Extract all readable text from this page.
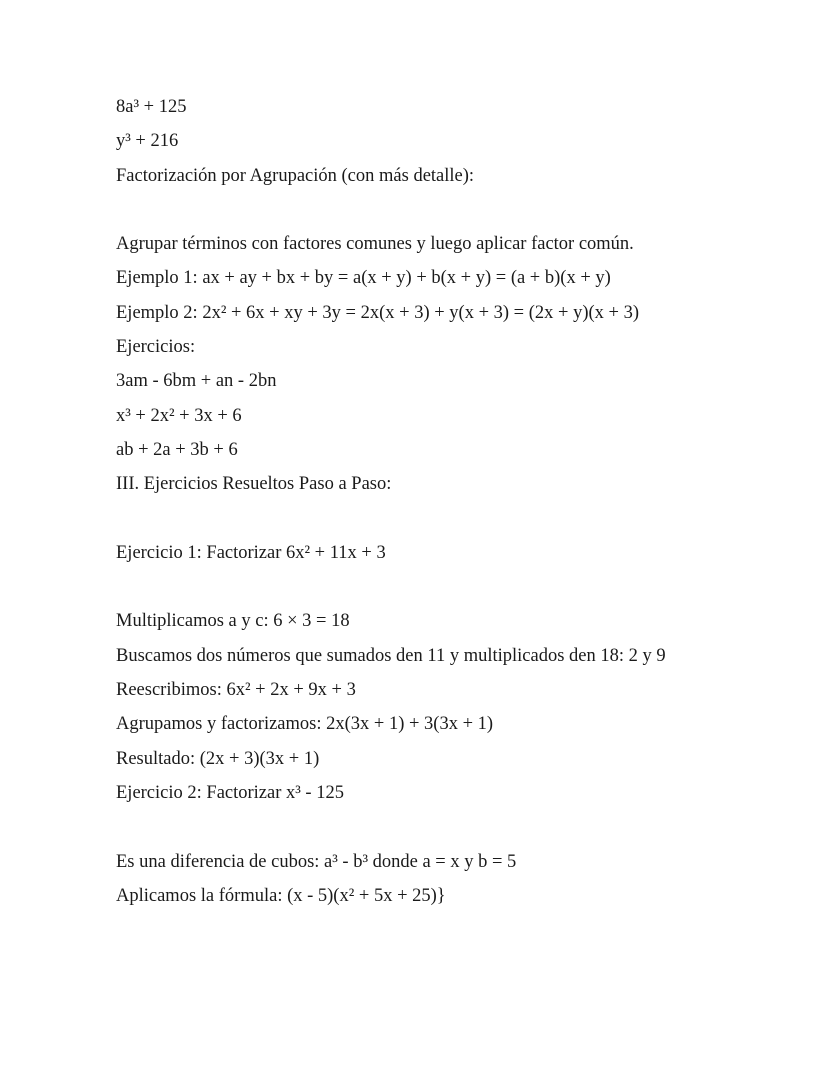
8a³ + 125
y³ + 216
Factorización por Agrupación (con más detalle):
Agrupar términos con factores comunes y luego aplicar factor común.
Ejemplo 1: ax + ay + bx + by = a(x + y) + b(x + y) = (a + b)(x + y)
Ejemplo 2: 2x² + 6x + xy + 3y = 2x(x + 3) + y(x + 3) = (2x + y)(x + 3)
Ejercicios:
3am - 6bm + an - 2bn
x³ + 2x² + 3x + 6
ab + 2a + 3b + 6
III. Ejercicios Resueltos Paso a Paso:
Ejercicio 1: Factorizar 6x² + 11x + 3
Multiplicamos a y c: 6 × 3 = 18
Buscamos dos números que sumados den 11 y multiplicados den 18: 2 y 9
Reescribimos: 6x² + 2x + 9x + 3
Agrupamos y factorizamos: 2x(3x + 1) + 3(3x + 1)
Resultado: (2x + 3)(3x + 1)
Ejercicio 2: Factorizar x³ - 125
Es una diferencia de cubos: a³ - b³ donde a = x y b = 5
Aplicamos la fórmula: (x - 5)(x² + 5x + 25)}
